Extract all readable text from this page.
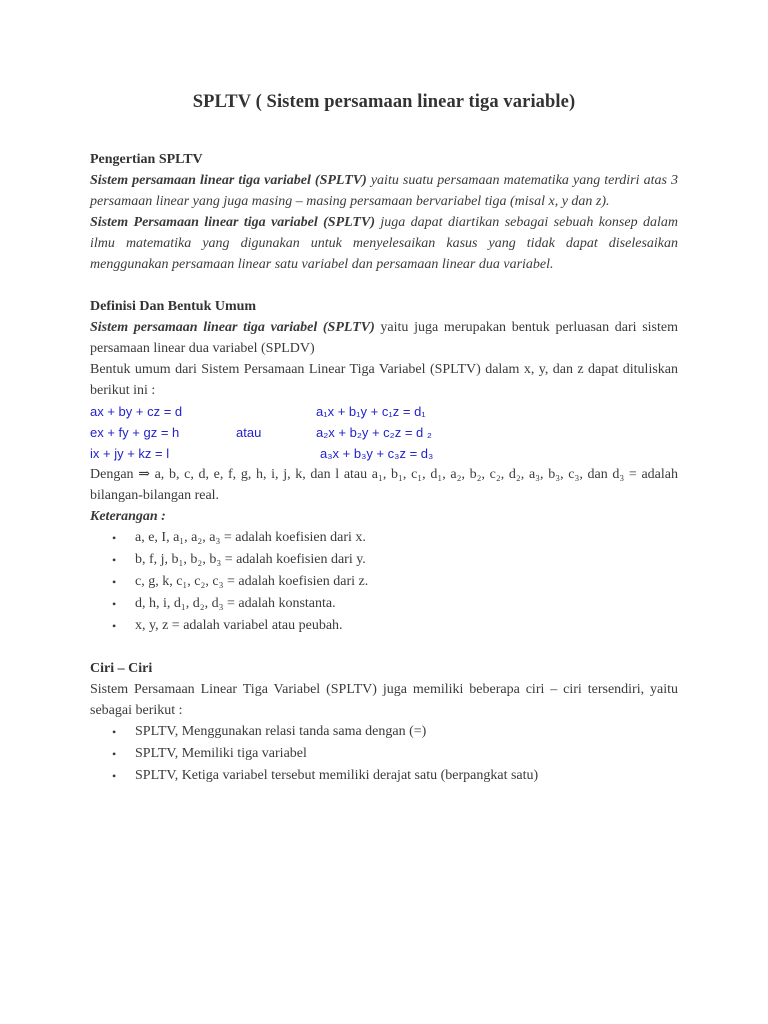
SPLTV ( Sistem persamaan linear tiga variable)
Pengertian SPLTV

Sistem persamaan linear tiga variabel (SPLTV) yaitu suatu persamaan matematika yang terdiri atas 3 persamaan linear yang juga masing – masing persamaan bervariabel tiga (misal x, y dan z).

Sistem Persamaan linear tiga variabel (SPLTV) juga dapat diartikan sebagai sebuah konsep dalam ilmu matematika yang digunakan untuk menyelesaikan kasus yang tidak dapat diselesaikan menggunakan persamaan linear satu variabel dan persamaan linear dua variabel.

Definisi Dan Bentuk Umum

Sistem persamaan linear tiga variabel (SPLTV) yaitu juga merupakan bentuk perluasan dari sistem persamaan linear dua variabel (SPLDV)

Bentuk umum dari Sistem Persamaan Linear Tiga Variabel (SPLTV) dalam x, y, dan z dapat dituliskan berikut ini :

ax + by + cz = d	a₁x + b₁y + c₁z = d₁
ex + fy + gz = h	atau	a₂x + b₂y + c₂z = d ₂
ix + jy + kz = l	a₃x + b₃y + c₃z = d₃

Dengan ⇒ a, b, c, d, e, f, g, h, i, j, k, dan l atau a₁, b₁, c₁, d₁, a₂, b₂, c₂, d₂, a₃, b₃, c₃, dan d₃ = adalah bilangan-bilangan real.

Keterangan :
• a, e, I, a₁, a₂, a₃ = adalah koefisien dari x.
• b, f, j, b₁, b₂, b₃ = adalah koefisien dari y.
• c, g, k, c₁, c₂, c₃ = adalah koefisien dari z.
• d, h, i, d₁, d₂, d₃ = adalah konstanta.
• x, y, z = adalah variabel atau peubah.
Ciri – Ciri

Sistem Persamaan Linear Tiga Variabel (SPLTV) juga memiliki beberapa ciri – ciri tersendiri, yaitu sebagai berikut :

• SPLTV, Menggunakan relasi tanda sama dengan (=)
• SPLTV, Memiliki tiga variabel
• SPLTV, Ketiga variabel tersebut memiliki derajat satu (berpangkat satu)
